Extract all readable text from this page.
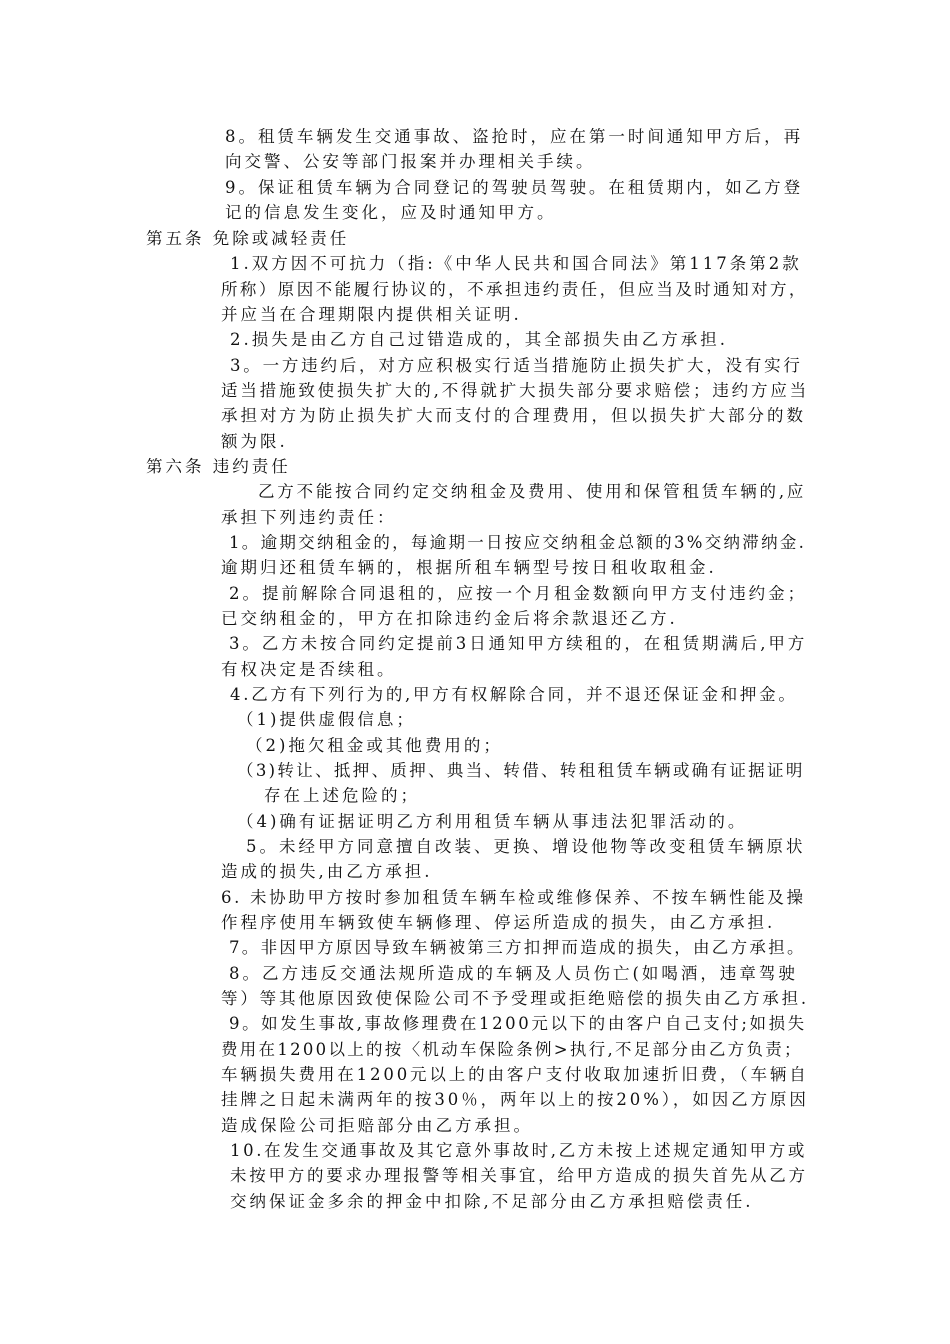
8。租赁车辆发生交通事故、盗抢时，应在第一时间通知甲方后，再
向交警、公安等部门报案并办理相关手续。
9。保证租赁车辆为合同登记的驾驶员驾驶。在租赁期内，如乙方登
记的信息发生变化，应及时通知甲方。
第五条 免除或减轻责任
1.双方因不可抗力（指:《中华人民共和国合同法》第117条第2款
所称）原因不能履行协议的，不承担违约责任，但应当及时通知对方，
并应当在合理期限内提供相关证明.
2.损失是由乙方自己过错造成的，其全部损失由乙方承担.
3。一方违约后，对方应积极实行适当措施防止损失扩大，没有实行
适当措施致使损失扩大的,不得就扩大损失部分要求赔偿；违约方应当
承担对方为防止损失扩大而支付的合理费用，但以损失扩大部分的数
额为限.
第六条 违约责任
乙方不能按合同约定交纳租金及费用、使用和保管租赁车辆的,应
承担下列违约责任：
1。逾期交纳租金的，每逾期一日按应交纳租金总额的3%交纳滞纳金.
逾期归还租赁车辆的，根据所租车辆型号按日租收取租金.
2。提前解除合同退租的，应按一个月租金数额向甲方支付违约金；
已交纳租金的，甲方在扣除违约金后将余款退还乙方.
3。乙方未按合同约定提前3日通知甲方续租的，在租赁期满后,甲方
有权决定是否续租。
4.乙方有下列行为的,甲方有权解除合同，并不退还保证金和押金。
（1)提供虚假信息；
（2)拖欠租金或其他费用的；
（3)转让、抵押、质押、典当、转借、转租租赁车辆或确有证据证明
存在上述危险的；
（4)确有证据证明乙方利用租赁车辆从事违法犯罪活动的。
5。未经甲方同意擅自改装、更换、增设他物等改变租赁车辆原状
造成的损失,由乙方承担.
6. 未协助甲方按时参加租赁车辆车检或维修保养、不按车辆性能及操
作程序使用车辆致使车辆修理、停运所造成的损失，由乙方承担.
7。非因甲方原因导致车辆被第三方扣押而造成的损失，由乙方承担。
8。乙方违反交通法规所造成的车辆及人员伤亡(如喝酒，违章驾驶
等）等其他原因致使保险公司不予受理或拒绝赔偿的损失由乙方承担.
9。如发生事故,事故修理费在1200元以下的由客户自己支付;如损失
费用在1200以上的按〈机动车保险条例>执行,不足部分由乙方负责；
车辆损失费用在1200元以上的由客户支付收取加速折旧费，（车辆自
挂牌之日起未满两年的按30％，两年以上的按20%），如因乙方原因
造成保险公司拒赔部分由乙方承担。
10.在发生交通事故及其它意外事故时,乙方未按上述规定通知甲方或
未按甲方的要求办理报警等相关事宜，给甲方造成的损失首先从乙方
交纳保证金多余的押金中扣除,不足部分由乙方承担赔偿责任.
